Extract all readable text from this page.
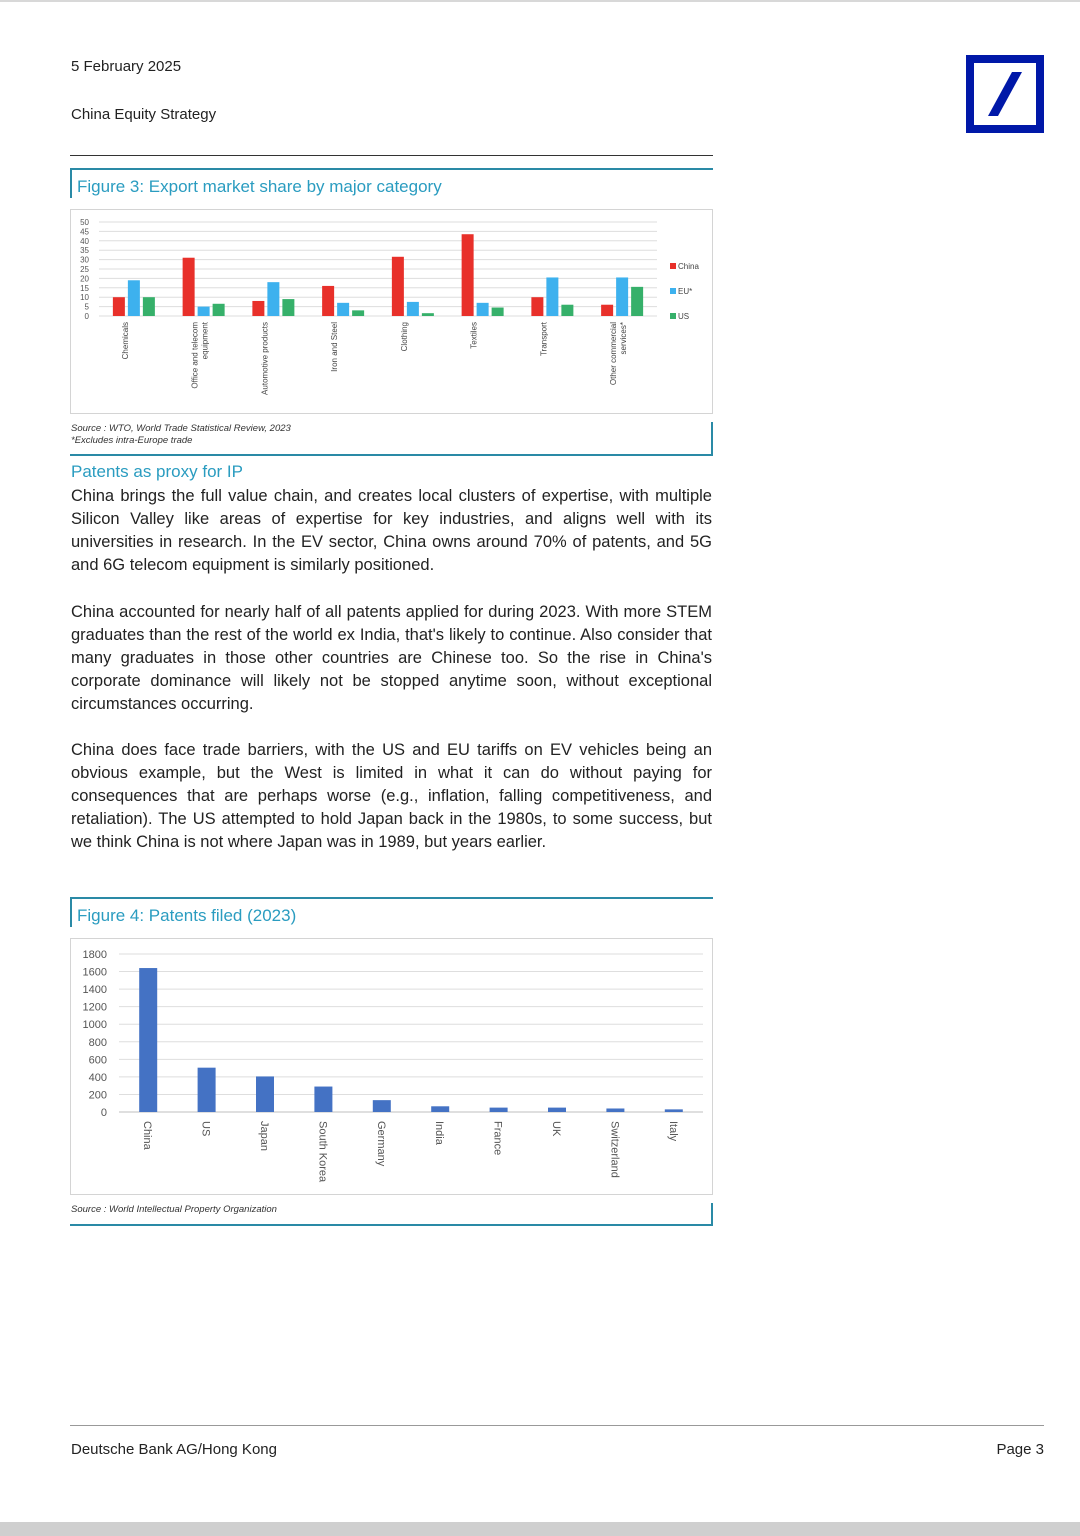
5 February 2025
China Equity Strategy
Figure 3: Export market share by major category
0
5
10
15
20
25
30
35
40
45
50
Chemicals	Office and telecomequipment	Automotive products	Iron and Steel	Clothing	Textiles	Transport	Other commercialservices*
China
EU*
US
Source : WTO, World Trade Statistical Review, 2023
*Excludes intra-Europe trade
Patents as proxy for IP

China brings the full value chain, and creates local clusters of expertise, with multiple Silicon Valley like areas of expertise for key industries, and aligns well with its universities in research. In the EV sector, China owns around 70% of patents, and 5G and 6G telecom equipment is similarly positioned.

China accounted for nearly half of all patents applied for during 2023. With more STEM graduates than the rest of the world ex India, that's likely to continue. Also consider that many graduates in those other countries are Chinese too. So the rise in China's corporate dominance will likely not be stopped anytime soon, without exceptional circumstances occurring.

China does face trade barriers, with the US and EU tariffs on EV vehicles being an obvious example, but the West is limited in what it can do without paying for consequences that are perhaps worse (e.g., inflation, falling competitiveness, and retaliation). The US attempted to hold Japan back in the 1980s, to some success, but we think China is not where Japan was in 1989, but years earlier.

Figure 4: Patents filed (2023)
0
200
400
600
800
1000
1200
1400
1600
1800
China	US	Japan	South Korea	Germany	India	France	UK	Switzerland	Italy
Source : World Intellectual Property Organization
Deutsche Bank AG/Hong Kong	Page 3
